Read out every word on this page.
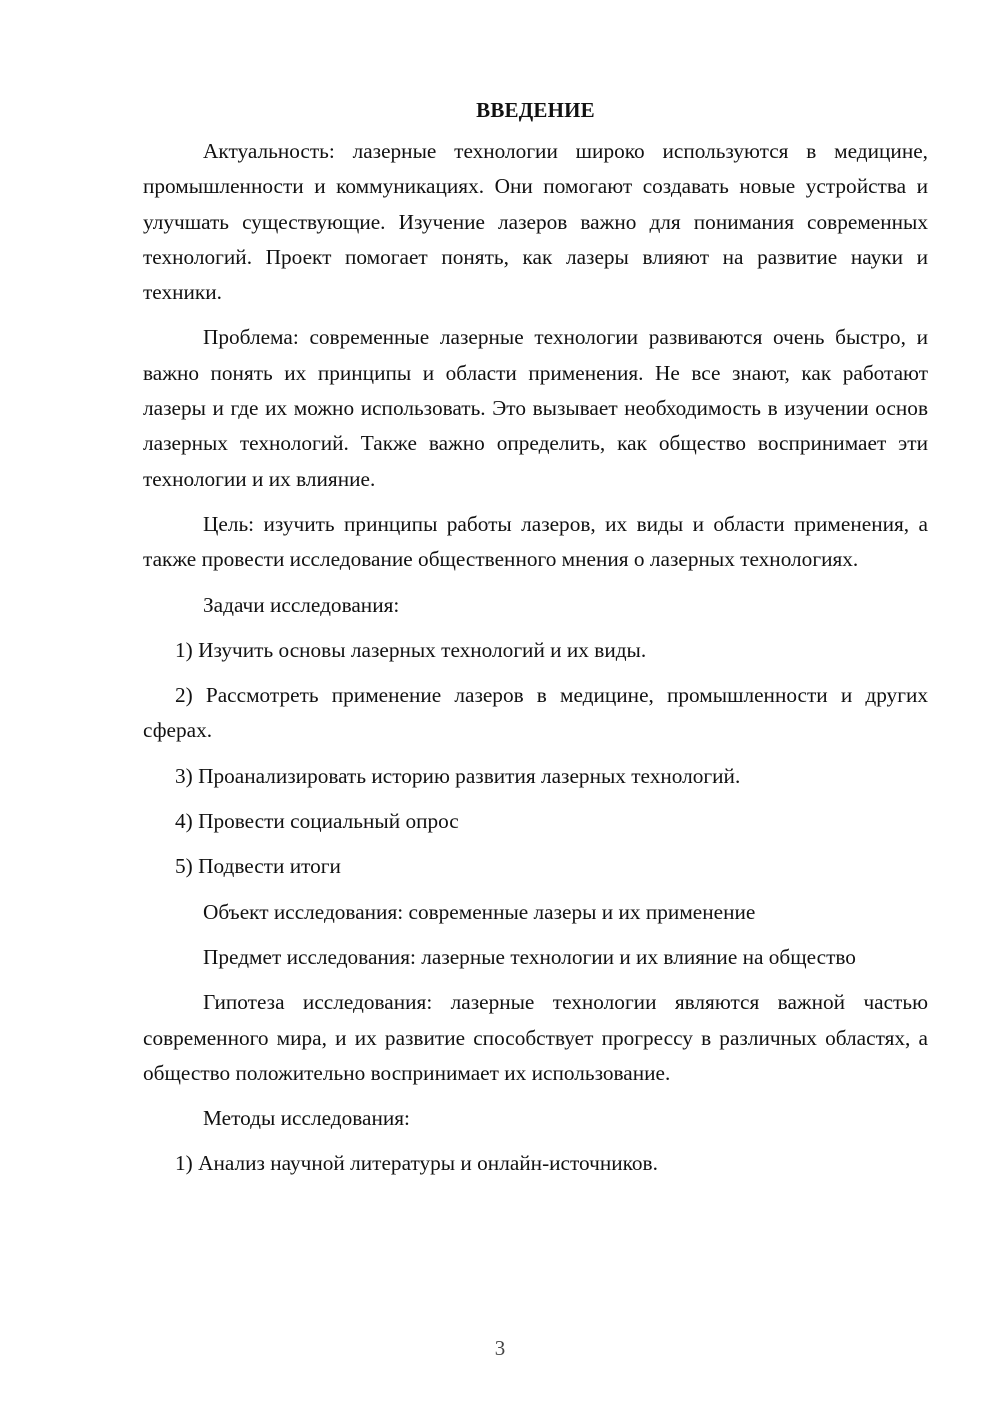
ВВЕДЕНИЕ

Актуальность: лазерные технологии широко используются в медицине, промышленности и коммуникациях. Они помогают создавать новые устройства и улучшать существующие. Изучение лазеров важно для понимания современных технологий. Проект помогает понять, как лазеры влияют на развитие науки и техники.

Проблема: современные лазерные технологии развиваются очень быстро, и важно понять их принципы и области применения. Не все знают, как работают лазеры и где их можно использовать. Это вызывает необходимость в изучении основ лазерных технологий. Также важно определить, как общество воспринимает эти технологии и их влияние.

Цель: изучить принципы работы лазеров, их виды и области применения, а также провести исследование общественного мнения о лазерных технологиях.

Задачи исследования:

1) Изучить основы лазерных технологий и их виды.

2) Рассмотреть применение лазеров в медицине, промышленности и других сферах.

3) Проанализировать историю развития лазерных технологий.

4) Провести социальный опрос

5) Подвести итоги

Объект исследования: современные лазеры и их применение

Предмет исследования: лазерные технологии и их влияние на общество

Гипотеза исследования: лазерные технологии являются важной частью современного мира, и их развитие способствует прогрессу в различных областях, а общество положительно воспринимает их использование.

Методы исследования:

1) Анализ научной литературы и онлайн-источников.

3
